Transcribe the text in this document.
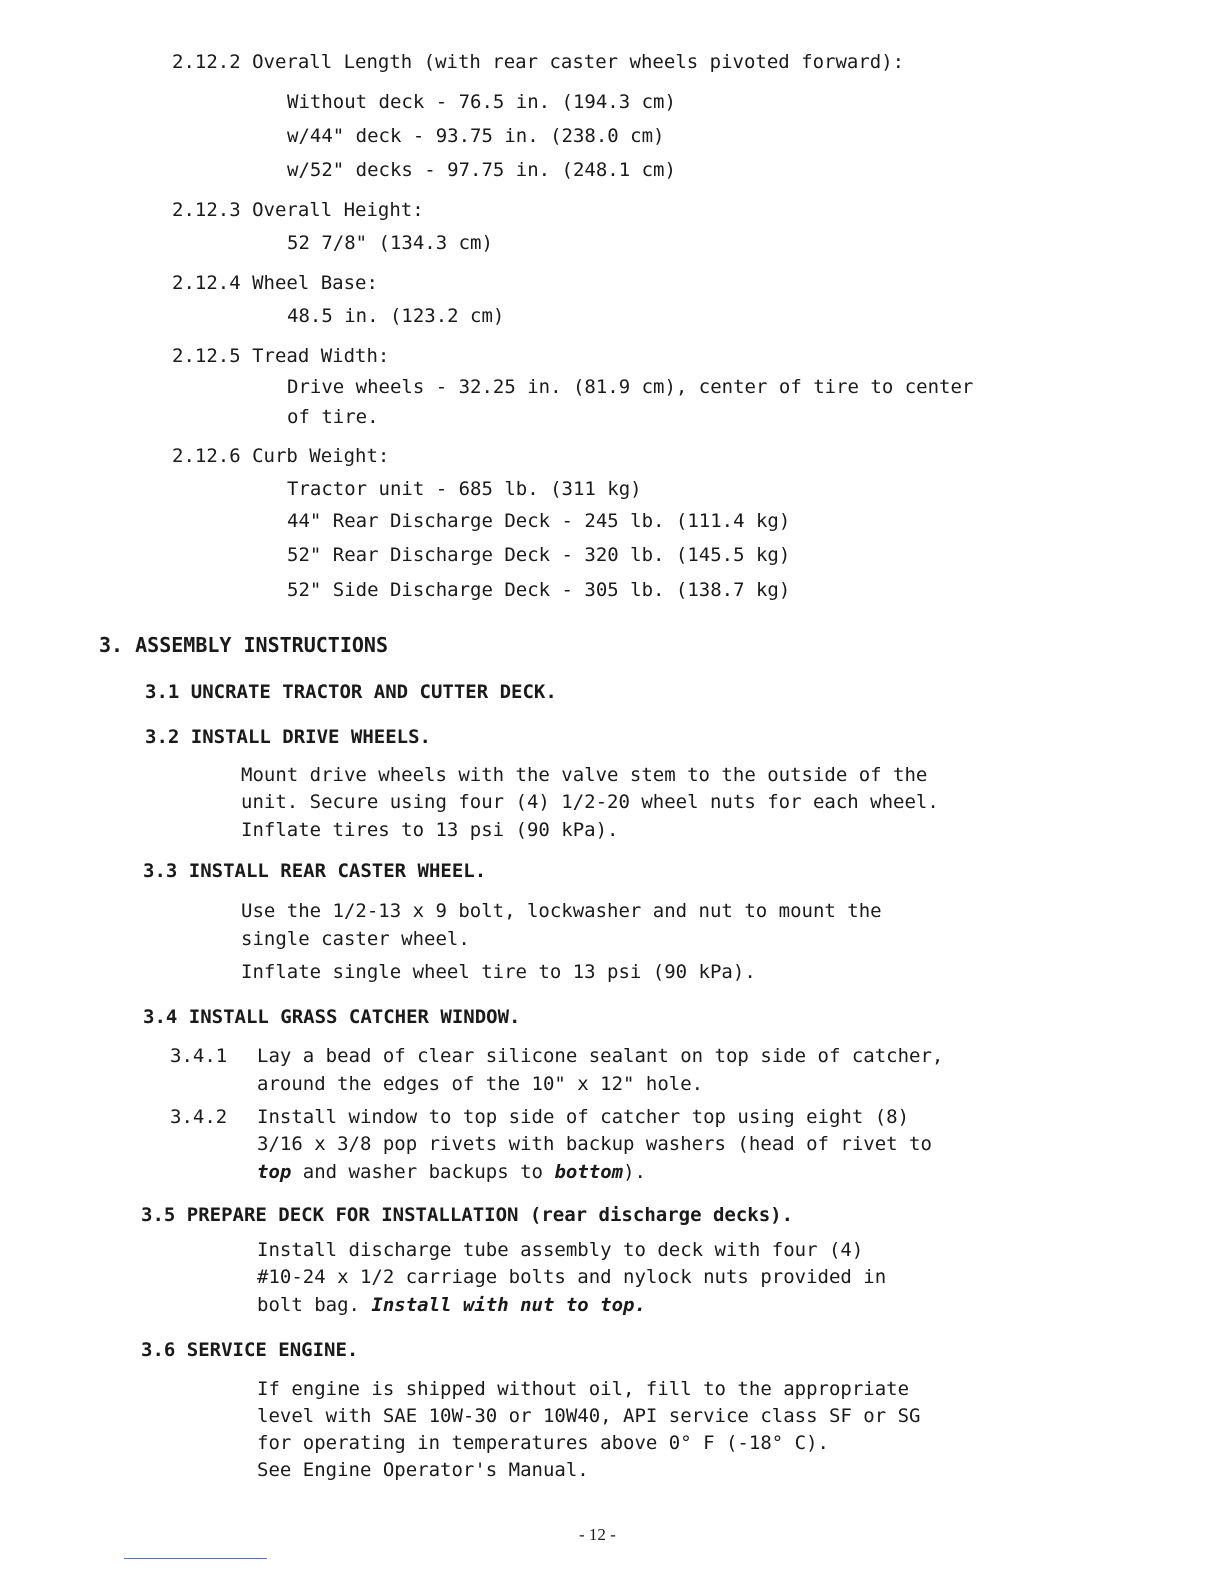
2.12.2 Overall Length (with rear caster wheels pivoted forward):
Without deck - 76.5 in. (194.3 cm)
w/44" deck - 93.75 in. (238.0 cm)
w/52" decks - 97.75 in. (248.1 cm)
2.12.3 Overall Height:
52 7/8" (134.3 cm)
2.12.4 Wheel Base:
48.5 in. (123.2 cm)
2.12.5 Tread Width:
Drive wheels - 32.25 in. (81.9 cm), center of tire to center
of tire.
2.12.6 Curb Weight:
Tractor unit - 685 lb. (311 kg)
44" Rear Discharge Deck - 245 lb. (111.4 kg)
52" Rear Discharge Deck - 320 lb. (145.5 kg)
52" Side Discharge Deck - 305 lb. (138.7 kg)
3. ASSEMBLY INSTRUCTIONS
3.1 UNCRATE TRACTOR AND CUTTER DECK.
3.2 INSTALL DRIVE WHEELS.
Mount drive wheels with the valve stem to the outside of the
unit. Secure using four (4) 1/2-20 wheel nuts for each wheel.
Inflate tires to 13 psi (90 kPa).
3.3 INSTALL REAR CASTER WHEEL.
Use the 1/2-13 x 9 bolt, lockwasher and nut to mount the
single caster wheel.
Inflate single wheel tire to 13 psi (90 kPa).
3.4 INSTALL GRASS CATCHER WINDOW.
3.4.1 Lay a bead of clear silicone sealant on top side of catcher,
around the edges of the 10" x 12" hole.
3.4.2 Install window to top side of catcher top using eight (8)
3/16 x 3/8 pop rivets with backup washers (head of rivet to
top and washer backups to bottom).
3.5 PREPARE DECK FOR INSTALLATION (rear discharge decks).
Install discharge tube assembly to deck with four (4)
#10-24 x 1/2 carriage bolts and nylock nuts provided in
bolt bag. Install with nut to top.
3.6 SERVICE ENGINE.
If engine is shipped without oil, fill to the appropriate
level with SAE 10W-30 or 10W40, API service class SF or SG
for operating in temperatures above 0° F (-18° C).
See Engine Operator's Manual.
- 12 -
